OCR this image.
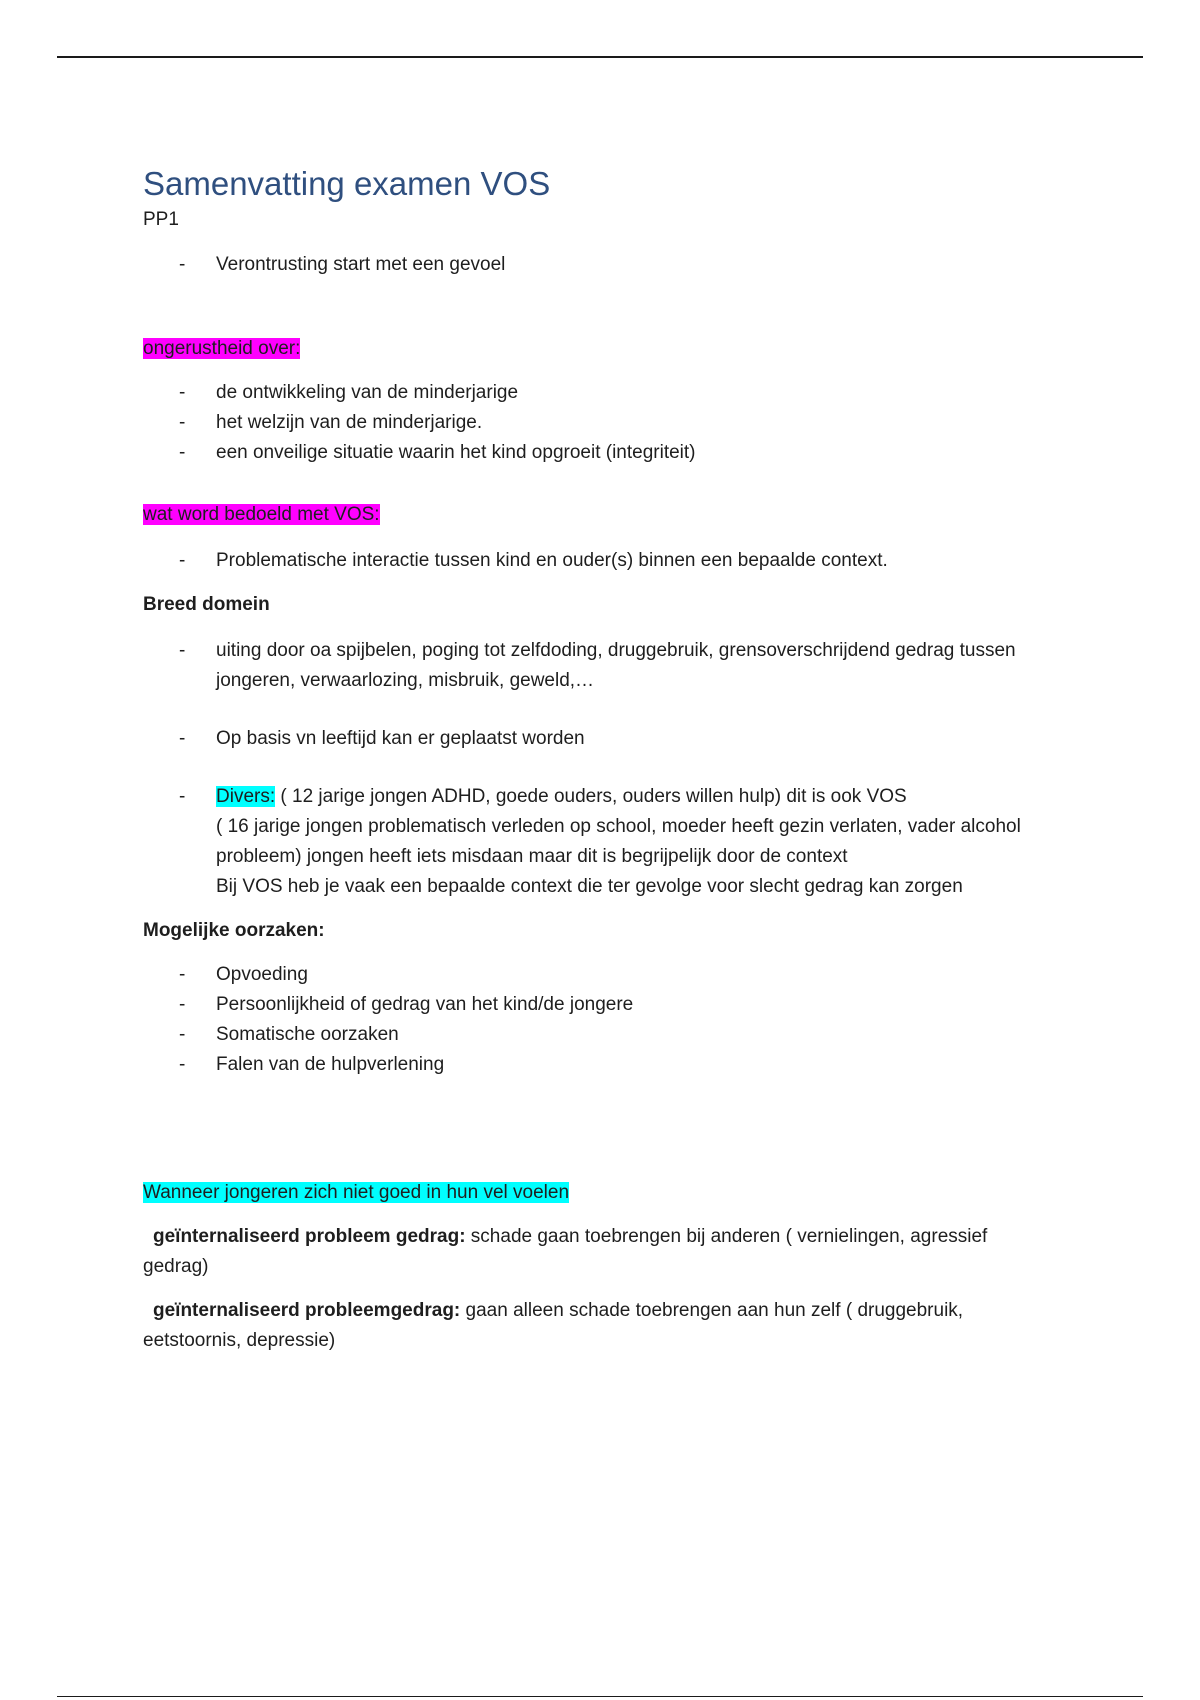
Samenvatting examen VOS

PP1

- Verontrusting start met een gevoel

ongerustheid over:

- de ontwikkeling van de minderjarige
- het welzijn van de minderjarige.
- een onveilige situatie waarin het kind opgroeit (integriteit)

wat word bedoeld met VOS:

- Problematische interactie tussen kind en ouder(s) binnen een bepaalde context.

Breed domein

- uiting door oa spijbelen, poging tot zelfdoding, druggebruik, grensoverschrijdend gedrag tussen jongeren, verwaarlozing, misbruik, geweld,…
- Op basis vn leeftijd kan er geplaatst worden
- Divers: ( 12 jarige jongen ADHD, goede ouders, ouders willen hulp) dit is ook VOS
( 16 jarige jongen problematisch verleden op school, moeder heeft gezin verlaten, vader alcohol probleem) jongen heeft iets misdaan maar dit is begrijpelijk door de context
Bij VOS heb je vaak een bepaalde context die ter gevolge voor slecht gedrag kan zorgen

Mogelijke oorzaken:

- Opvoeding
- Persoonlijkheid of gedrag van het kind/de jongere
- Somatische oorzaken
- Falen van de hulpverlening

Wanneer jongeren zich niet goed in hun vel voelen

geïnternaliseerd probleem gedrag: schade gaan toebrengen bij anderen ( vernielingen, agressief gedrag)

geïnternaliseerd probleemgedrag: gaan alleen schade toebrengen aan hun zelf ( druggebruik, eetstoornis, depressie)
